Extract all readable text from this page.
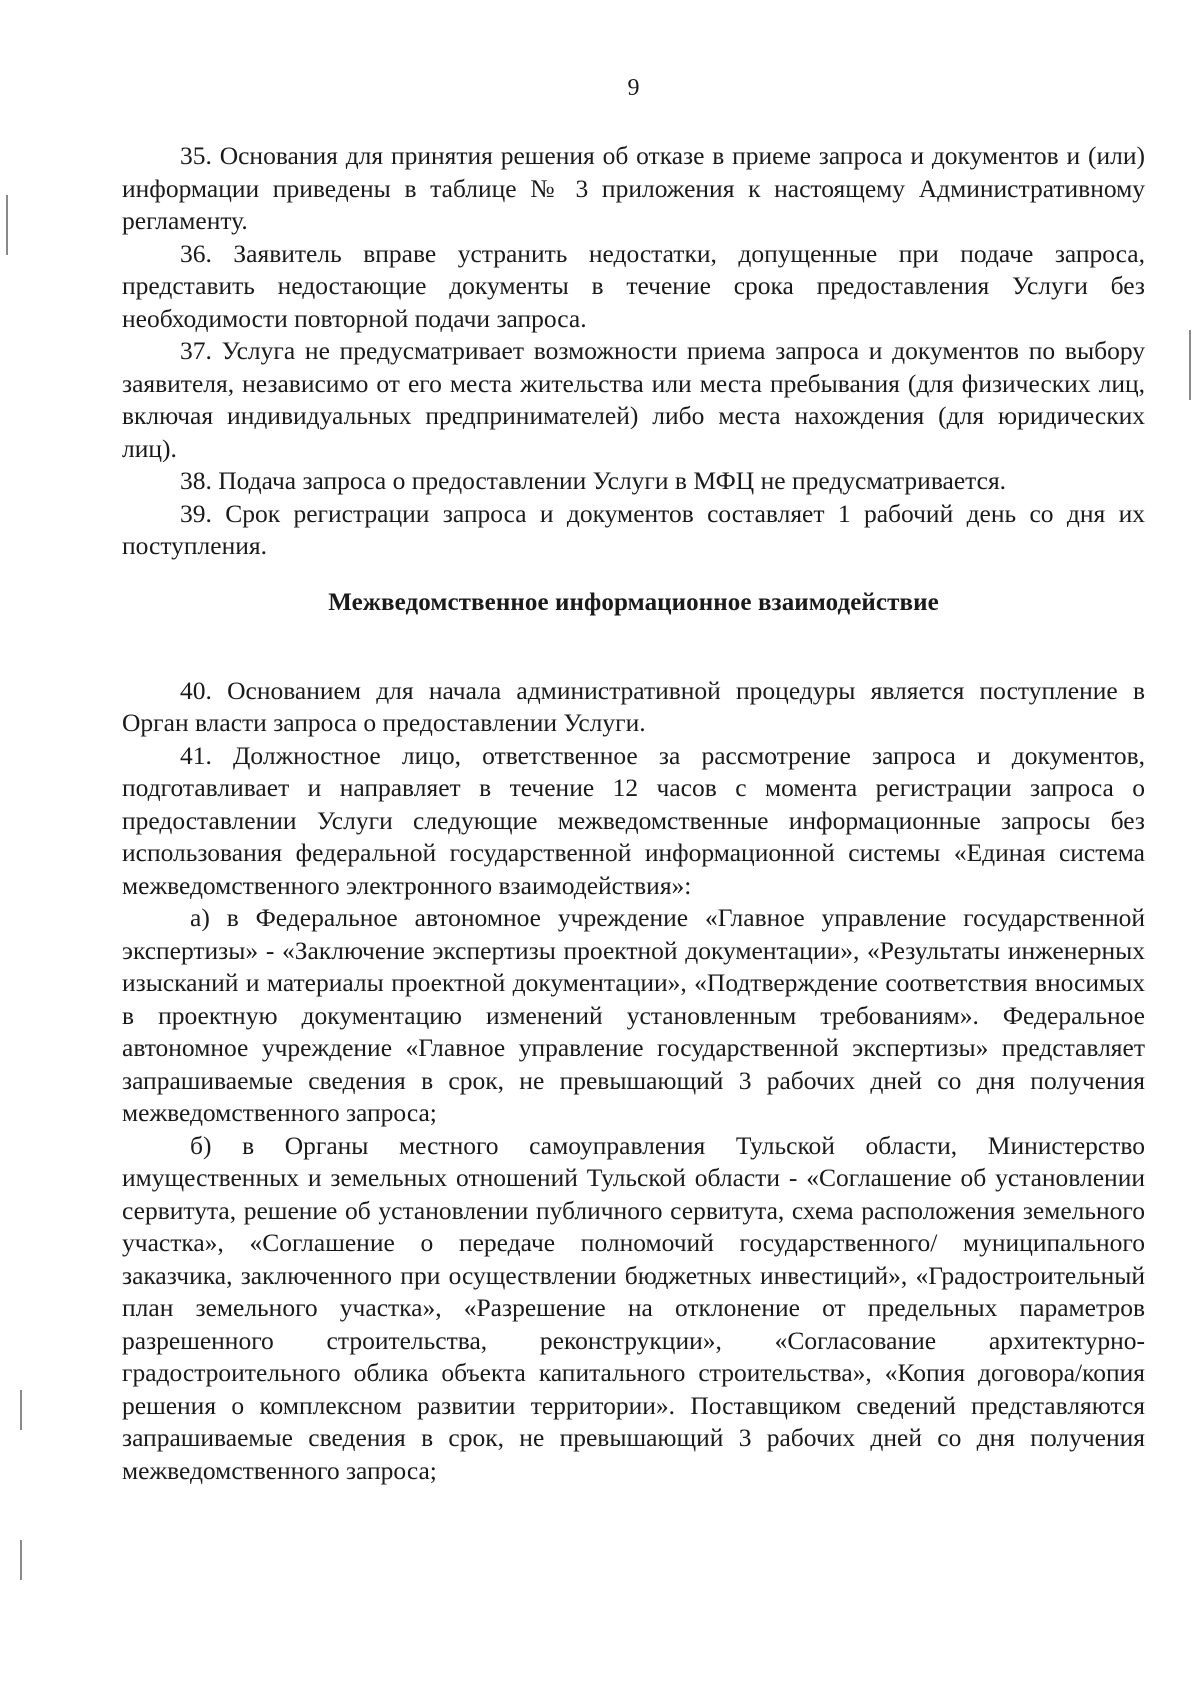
9

35. Основания для принятия решения об отказе в приеме запроса и документов и (или) информации приведены в таблице № 3 приложения к настоящему Административному регламенту.

36. Заявитель вправе устранить недостатки, допущенные при подаче запроса, представить недостающие документы в течение срока предоставления Услуги без необходимости повторной подачи запроса.

37. Услуга не предусматривает возможности приема запроса и документов по выбору заявителя, независимо от его места жительства или места пребывания (для физических лиц, включая индивидуальных предпринимателей) либо места нахождения (для юридических лиц).

38. Подача запроса о предоставлении Услуги в МФЦ не предусматривается.

39. Срок регистрации запроса и документов составляет 1 рабочий день со дня их поступления.

Межведомственное информационное взаимодействие

40. Основанием для начала административной процедуры является поступление в Орган власти запроса о предоставлении Услуги.

41. Должностное лицо, ответственное за рассмотрение запроса и документов, подготавливает и направляет в течение 12 часов с момента регистрации запроса о предоставлении Услуги следующие межведомственные информационные запросы без использования федеральной государственной информационной системы «Единая система межведомственного электронного взаимодействия»:

а) в Федеральное автономное учреждение «Главное управление государственной экспертизы» - «Заключение экспертизы проектной документации», «Результаты инженерных изысканий и материалы проектной документации», «Подтверждение соответствия вносимых в проектную документацию изменений установленным требованиям». Федеральное автономное учреждение «Главное управление государственной экспертизы» представляет запрашиваемые сведения в срок, не превышающий 3 рабочих дней со дня получения межведомственного запроса;

б) в Органы местного самоуправления Тульской области, Министерство имущественных и земельных отношений Тульской области - «Соглашение об установлении сервитута, решение об установлении публичного сервитута, схема расположения земельного участка», «Соглашение о передаче полномочий государственного/ муниципального заказчика, заключенного при осуществлении бюджетных инвестиций», «Градостроительный план земельного участка», «Разрешение на отклонение от предельных параметров разрешенного строительства, реконструкции», «Согласование архитектурно-градостроительного облика объекта капитального строительства», «Копия договора/копия решения о комплексном развитии территории». Поставщиком сведений представляются запрашиваемые сведения в срок, не превышающий 3 рабочих дней со дня получения межведомственного запроса;
